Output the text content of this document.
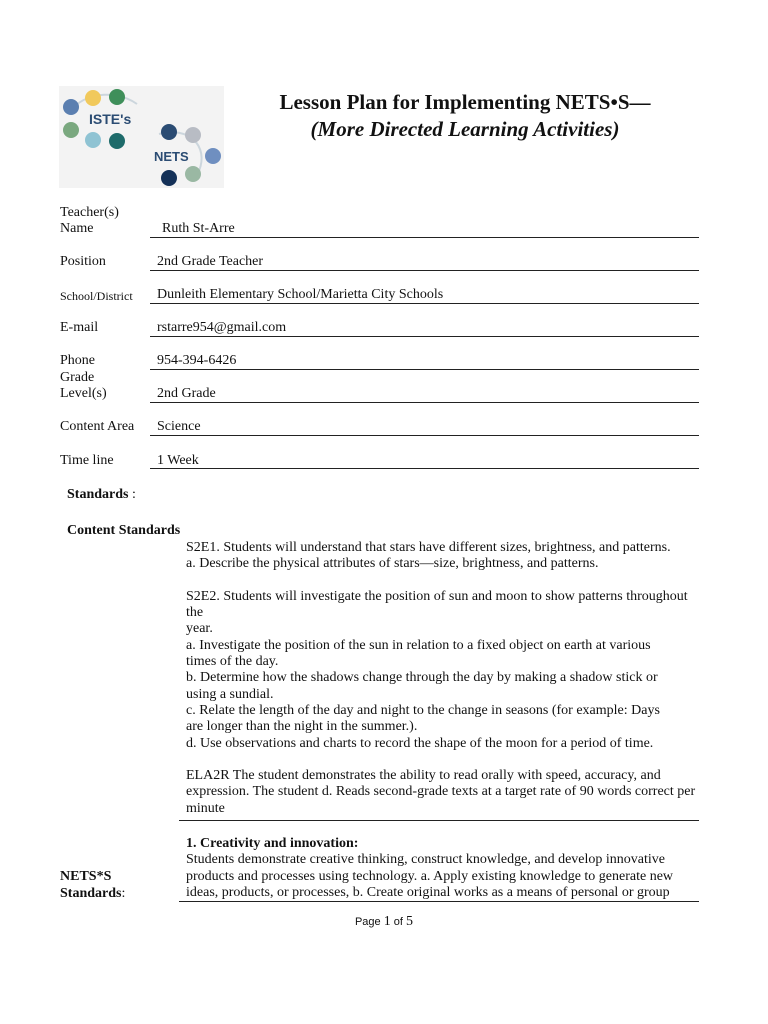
ISTE's
NETS
Lesson Plan for Implementing NETS•S—
(More Directed Learning Activities)
Teacher(s)
Name	Ruth St-Arre
Position	2nd Grade Teacher
School/District Dunleith Elementary School/Marietta City Schools
E-mail	rstarre954@gmail.com
Phone	954-394-6426
Grade
Level(s)	2nd Grade
Content Area Science
Time line	1 Week
Standards :
Content Standards
S2E1. Students will understand that stars have different sizes, brightness, and patterns.
a. Describe the physical attributes of stars—size, brightness, and patterns.

S2E2. Students will investigate the position of sun and moon to show patterns throughout
the
year.
a. Investigate the position of the sun in relation to a fixed object on earth at various
times of the day.
b. Determine how the shadows change through the day by making a shadow stick or
using a sundial.
c. Relate the length of the day and night to the change in seasons (for example: Days
are longer than the night in the summer.).
d. Use observations and charts to record the shape of the moon for a period of time.

ELA2R The student demonstrates the ability to read orally with speed, accuracy, and
expression. The student d. Reads second-grade texts at a target rate of 90 words correct per
minute
NETS*S
Standards:
1. Creativity and innovation:
Students demonstrate creative thinking, construct knowledge, and develop innovative
products and processes using technology. a. Apply existing knowledge to generate new
ideas, products, or processes, b. Create original works as a means of personal or group
Page 1 of 5
